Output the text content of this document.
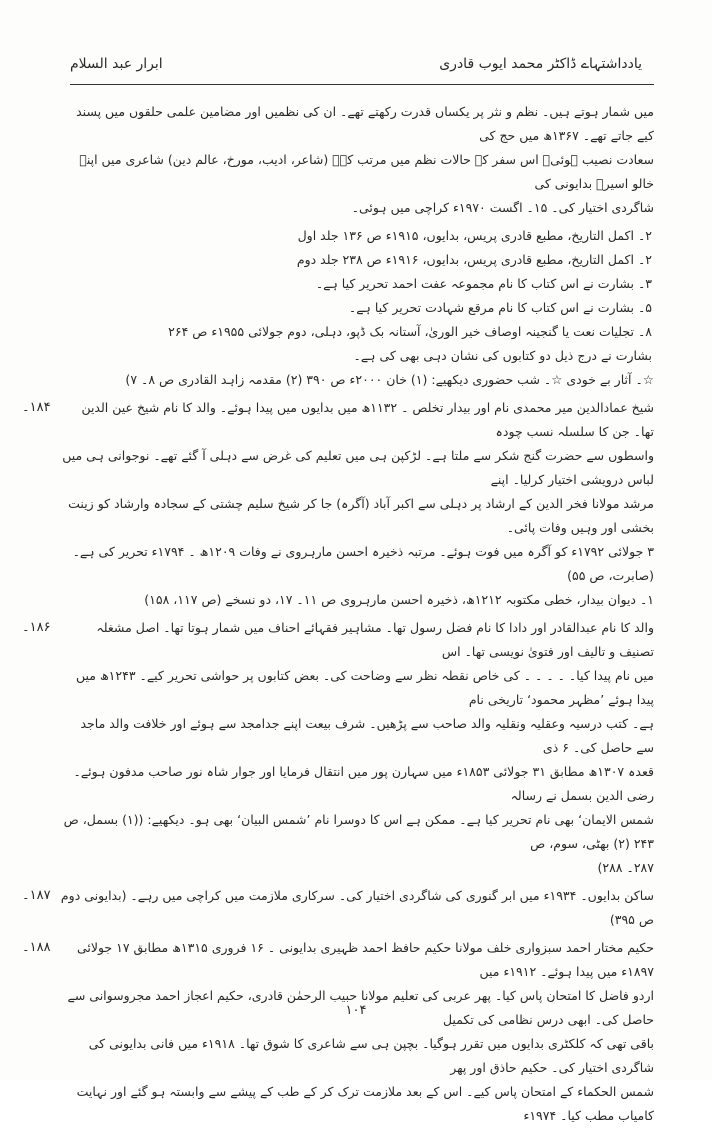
یادداشتہاے ڈاکٹر محمد ایوب قادری
ابرار عبد السلام

میں شمار ہوتے ہیں۔ نظم و نثر پر یکساں قدرت رکھتے تھے۔ ان کی نظمیں اور مضامین علمی حلقوں میں پسند کیے جاتے تھے۔ ۱۳۶۷ھ میں حج کی

سعادت نصیب ہوئی۔ اس سفر کے حالات نظم میں مرتب کے۔ (شاعر، ادیب، مورخ، عالم دین) شاعری میں اپنے خالو اسیرؔ بدایونی کی

شاگردی اختیار کی۔ ۱۵۔ اگست ۱۹۷۰ء کراچی میں ہوئی۔

۲۔ اکمل التاریخ، مطبع قادری پریس، بدایوں، ۱۹۱۵ء ص ۱۳۶ جلد اول

۲۔ اکمل التاریخ، مطبع قادری پریس، بدایوں، ۱۹۱۶ء ص ۲۳۸ جلد دوم

۳۔ بشارت نے اس کتاب کا نام مجموعہ عفت احمد تحریر کیا ہے۔

۵۔ بشارت نے اس کتاب کا نام مرقع شہادت تحریر کیا ہے۔

۸۔ تجلیات نعت یا گنجینہ اوصاف خیر الوریٰ، آستانہ بک ڈپو، دہلی، دوم جولائی ۱۹۵۵ء ص ۲۶۴

بشارت نے درج ذیل دو کتابوں کی نشان دہی بھی کی ہے۔

☆۔ آثار بے خودی ☆۔ شب حضوری دیکھیے: (۱) خان ۲۰۰۰ء ص ۳۹۰ (۲) مقدمہ زاہد القادری ص ۸۔ ۷)

۱۸۴۔	شیخ عمادالدین میر محمدی نام اور بیدار تخلص ۔ ۱۱۳۲ھ میں بدایوں میں پیدا ہوئے۔ والد کا نام شیخ عین الدین تھا۔ جن کا سلسلہ نسب چودہ

واسطوں سے حضرت گنج شکر سے ملتا ہے۔ لڑکپن ہی میں تعلیم کی غرض سے دہلی آ گئے تھے۔ نوجوانی ہی میں لباس درویشی اختیار کرلیا۔ اپنے

مرشد مولانا فخر الدین کے ارشاد پر دہلی سے اکبر آباد (آگرہ) جا کر شیخ سلیم چشتی کے سجادہ وارشاد کو زینت بخشی اور وہیں وفات پائی۔

۳ جولائی ۱۷۹۲ء کو آگرہ میں فوت ہوئے۔ مرتبہ ذخیرہ احسن مارہروی نے وفات ۱۲۰۹ھ ۔ ۱۷۹۴ء تحریر کی ہے۔ (صابرت، ص ۵۵)

۱۔ دیوان بیدار، خطی مکتوبہ ۱۲۱۲ھ، ذخیرہ احسن مارہروی ص ۱۱۔ ۱۷، دو نسخے (ص ۱۱۷، ۱۵۸)

۱۸۶۔	والد کا نام عبدالقادر اور دادا کا نام فضل رسول تھا۔ مشاہیر فقہائے احناف میں شمار ہوتا تھا۔ اصل مشغلہ تصنیف و تالیف اور فتویٰ نویسی تھا۔ اس

میں نام پیدا کیا۔ ۔ ۔ ۔ ۔ کی خاص نقطہ نظر سے وضاحت کی۔ بعض کتابوں پر حواشی تحریر کیے۔ ۱۲۴۳ھ میں پیدا ہوئے ’مظہر محمود‘ تاریخی نام

ہے۔ کتب درسیہ وعقلیہ ونقلیہ والد صاحب سے پڑھیں۔ شرف بیعت اپنے جدامجد سے ہوئے اور خلافت والد ماجد سے حاصل کی۔ ۶ ذی

قعدہ ۱۳۰۷ھ مطابق ۳۱ جولائی ۱۸۵۳ء میں سہارن پور میں انتقال فرمایا اور جوار شاہ نور صاحب مدفون ہوئے۔ رضی الدین بسمل نے رسالہ

شمس الایمان‘ بھی نام تحریر کیا ہے۔ ممکن ہے اس کا دوسرا نام ’شمس البیان‘ بھی ہو۔ دیکھیے: ((۱) بسمل، ص ۲۴۳ (۲) بھٹی، سوم، ص

۲۸۷۔ ۲۸۸)

۱۸۷۔ ساکن بدایوں۔ ۱۹۳۴ء میں ابر گنوری کی شاگردی اختیار کی۔ سرکاری ملازمت میں کراچی میں رہے۔ (بدایونی دوم ص ۳۹۵)

۱۸۸۔	حکیم مختار احمد سبزواری خلف مولانا حکیم حافظ احمد ظہیری بدایونی ۔ ۱۶ فروری ۱۳۱۵ھ مطابق ۱۷ جولائی ۱۸۹۷ء میں پیدا ہوئے۔ ۱۹۱۲ء میں

اردو فاضل کا امتحان پاس کیا۔ پھر عربی کی تعلیم مولانا حبیب الرحمٰن قادری، حکیم اعجاز احمد مجروسوانی سے حاصل کی۔ ابھی درس نظامی کی تکمیل

باقی تھی کہ کلکٹری بدایوں میں تقرر ہوگیا۔ بچپن ہی سے شاعری کا شوق تھا۔ ۱۹۱۸ء میں فانی بدایونی کی شاگردی اختیار کی۔ حکیم حاذق اور پھر

شمس الحکماء کے امتحان پاس کیے۔ اس کے بعد ملازمت ترک کر کے طب کے پیشے سے وابستہ ہو گئے اور نہایت کامیاب مطب کیا۔ ۱۹۷۴ء

۱۰۴
